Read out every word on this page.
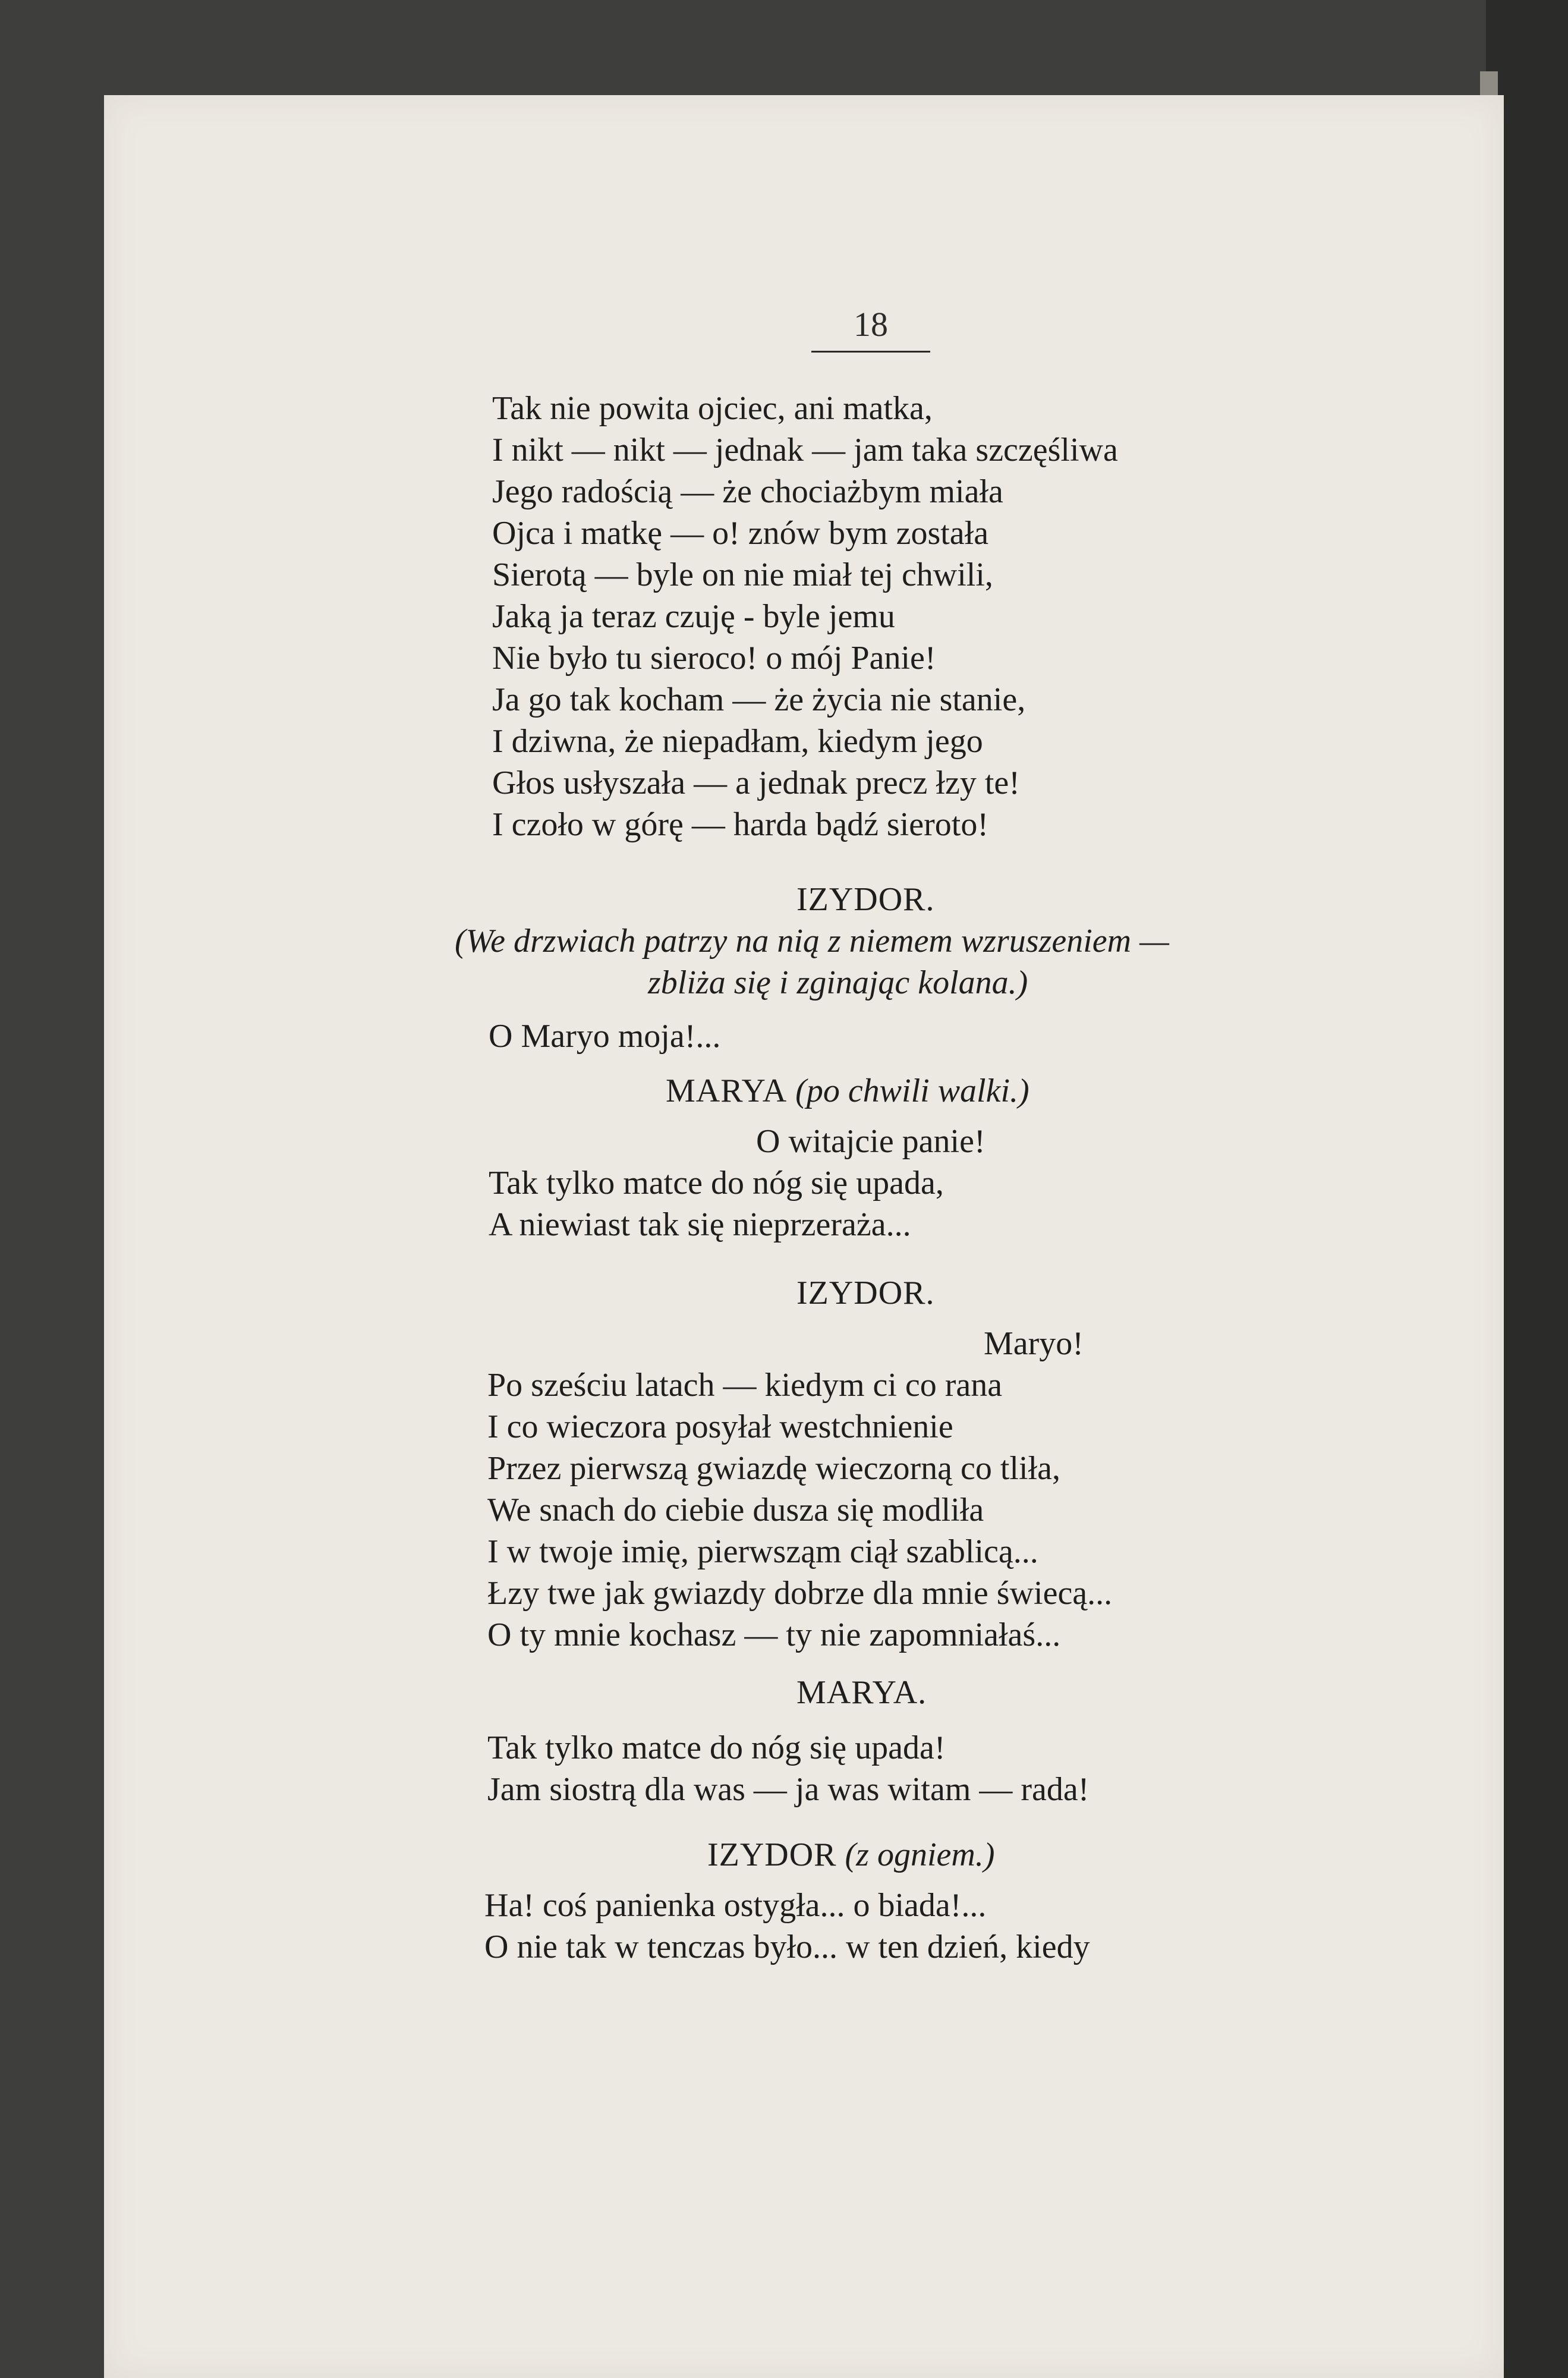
18
Tak nie powita ojciec, ani matka,
I nikt — nikt — jednak — jam taka szczęśliwa
Jego radością — że chociażbym miała
Ojca i matkę — o! znów bym została
Sierotą — byle on nie miał tej chwili,
Jaką ja teraz czuję - byle jemu
Nie było tu sieroco! o mój Panie!
Ja go tak kocham — że życia nie stanie,
I dziwna, że niepadłam, kiedym jego
Głos usłyszała — a jednak precz łzy te!
I czoło w górę — harda bądź sieroto!
IZYDOR.
(We drzwiach patrzy na nią z niemem wzruszeniem —
zbliża się i zginając kolana.)
O Maryo moja!...
MARYA (po chwili walki.)
O witajcie panie!
Tak tylko matce do nóg się upada,
A niewiast tak się nieprzeraża...
IZYDOR.
Maryo!
Po sześciu latach — kiedym ci co rana
I co wieczora posyłał westchnienie
Przez pierwszą gwiazdę wieczorną co tliła,
We snach do ciebie dusza się modliła
I w twoje imię, pierwsząm ciął szablicą...
Łzy twe jak gwiazdy dobrze dla mnie świecą...
O ty mnie kochasz — ty nie zapomniałaś...
MARYA.
Tak tylko matce do nóg się upada!
Jam siostrą dla was — ja was witam — rada!
IZYDOR (z ogniem.)
Ha! coś panienka ostygła... o biada!...
O nie tak w tenczas było... w ten dzień, kiedy
